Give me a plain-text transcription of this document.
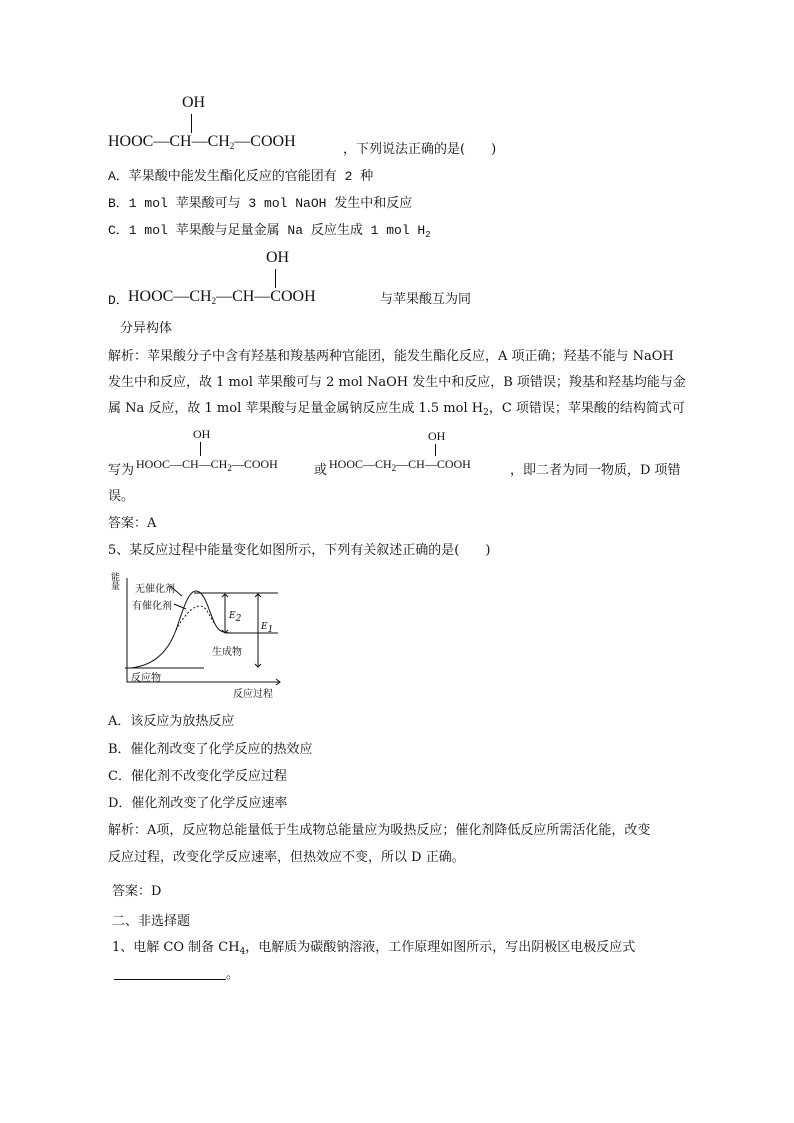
OH
$HOOC—CH—CH_2—COOH$	，下列说法正确的是(　　)
A．苹果酸中能发生酯化反应的官能团有 2 种
B．1 mol 苹果酸可与 3 mol NaOH 发生中和反应
C．1 mol 苹果酸与足量金属 Na 反应生成 1 mol $H_2$
D．
OH
$HOOC—CH_2—CH—COOH$	与苹果酸互为同
分异构体
解析：苹果酸分子中含有羟基和羧基两种官能团，能发生酯化反应，A 项正确；羟基不能与 NaOH
发生中和反应，故 1 mol 苹果酸可与 2 mol NaOH 发生中和反应，B 项错误；羧基和羟基均能与金
属 Na 反应，故 1 mol 苹果酸与足量金属钠反应生成 1.5 mol $H_2$，C 项错误；苹果酸的结构简式可
写为
OH
$HOOC—CH—CH_2—COOH$	或
OH
$HOOC—CH_2—CH—COOH$	，即二者为同一物质，D 项错
误。
答案：A
5、某反应过程中能量变化如图所示，下列有关叙述正确的是(　　)
能量 无催化剂
有催化剂
$E_2$
$E_1$
生成物
反应物
反应过程
A．该反应为放热反应
B．催化剂改变了化学反应的热效应
C．催化剂不改变化学反应过程
D．催化剂改变了化学反应速率
解析：A项，反应物总能量低于生成物总能量应为吸热反应；催化剂降低反应所需活化能，改变
反应过程，改变化学反应速率，但热效应不变，所以 D 正确。
答案：D
二、非选择题
1、电解 CO 制备 $CH_4$，电解质为碳酸钠溶液，工作原理如图所示，写出阴极区电极反应式
。
